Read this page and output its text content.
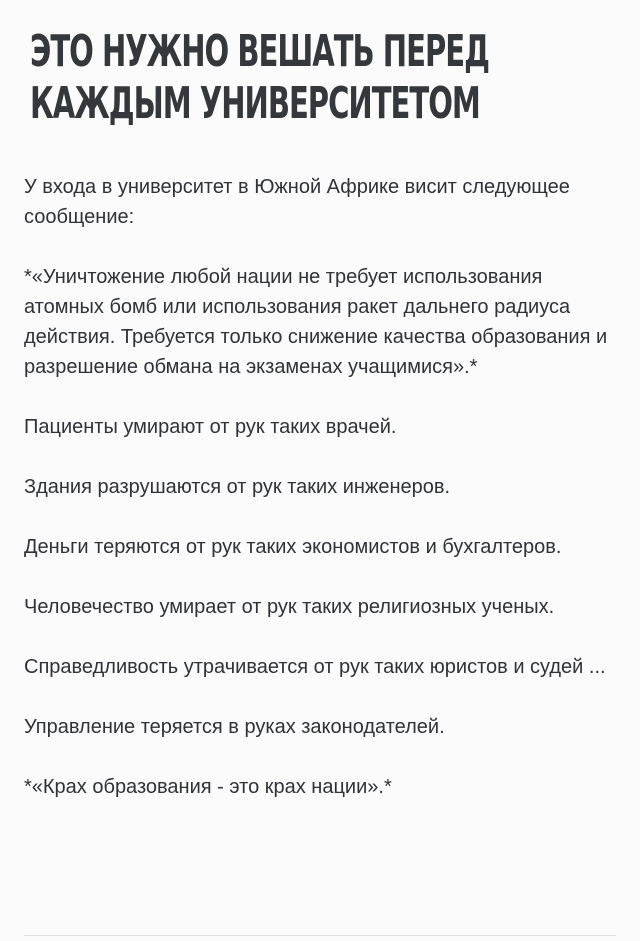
ЭТО НУЖНО ВЕШАТЬ ПЕРЕД
КАЖДЫМ УНИВЕРСИТЕТОМ

У входа в университет в Южной Африке висит следующее сообщение:

*«Уничтожение любой нации не требует использования атомных бомб или использования ракет дальнего радиуса действия. Требуется только снижение качества образования и разрешение обмана на экзаменах учащимися».*

Пациенты умирают от рук таких врачей.

Здания разрушаются от рук таких инженеров.

Деньги теряются от рук таких экономистов и бухгалтеров.

Человечество умирает от рук таких религиозных ученых.

Справедливость утрачивается от рук таких юристов и судей ...

Управление теряется в руках законодателей.

*«Крах образования - это крах нации».*
